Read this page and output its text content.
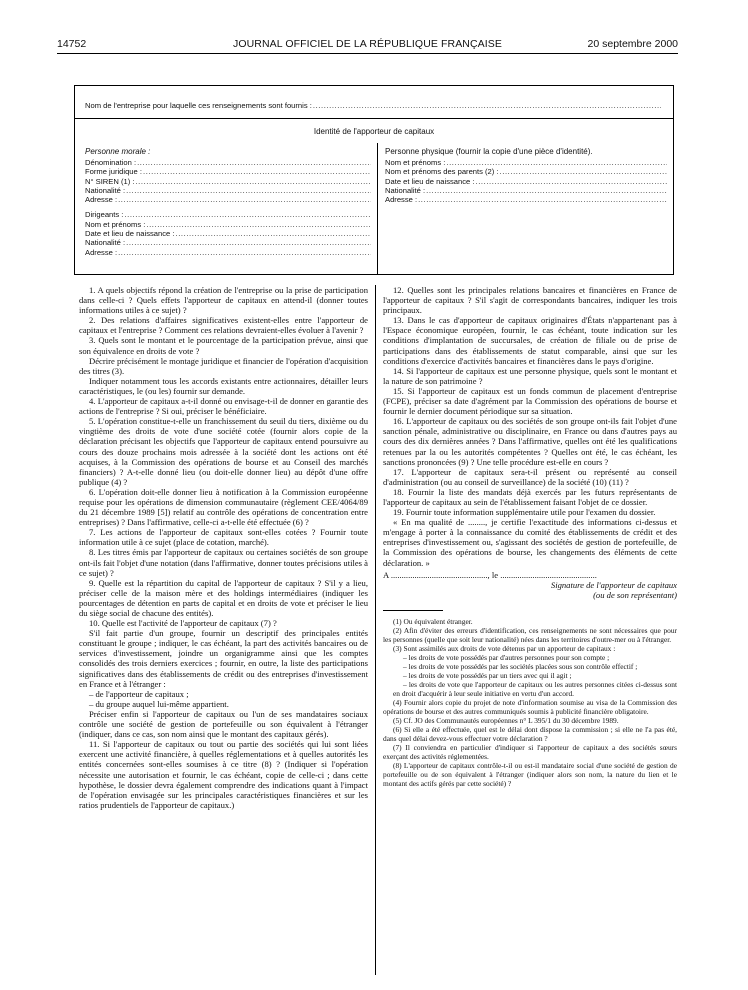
14752	JOURNAL OFFICIEL DE LA RÉPUBLIQUE FRANÇAISE	20 septembre 2000
Nom de l'entreprise pour laquelle ces renseignements sont fournis :
.....
Identité de l'apporteur de capitaux
Personne morale :
Dénomination :
.....
Forme juridique :
.....
N° SIREN (1) :
.....
Nationalité :
.....
Adresse :
.....
Dirigeants :
.....
Nom et prénoms :
.....
Date et lieu de naissance :
.....
Nationalité :
.....
Adresse :
.....
Personne physique (fournir la copie d'une pièce d'identité).
Nom et prénoms :
.....
Nom et prénoms des parents (2) :
.....
Date et lieu de naissance :
.....
Nationalité :
.....
Adresse :
.....

1. A quels objectifs répond la création de l'entreprise ou la prise de participation dans celle-ci ? Quels effets l'apporteur de capitaux en attend-il (donner toutes informations utiles à ce sujet) ?

2. Des relations d'affaires significatives existent-elles entre l'apporteur de capitaux et l'entreprise ? Comment ces relations devraient-elles évoluer à l'avenir ?

3. Quels sont le montant et le pourcentage de la participation prévue, ainsi que son équivalence en droits de vote ?

Décrire précisément le montage juridique et financier de l'opération d'acquisition des titres (3).

Indiquer notamment tous les accords existants entre actionnaires, détailler leurs caractéristiques, le (ou les) fournir sur demande.

4. L'apporteur de capitaux a-t-il donné ou envisage-t-il de donner en garantie des actions de l'entreprise ? Si oui, préciser le bénéficiaire.

5. L'opération constitue-t-elle un franchissement du seuil du tiers, dixième ou du vingtième des droits de vote d'une société cotée (fournir alors copie de la déclaration précisant les objectifs que l'apporteur de capitaux entend poursuivre au cours des douze prochains mois adressée à la société dont les actions ont été acquises, à la Commission des opérations de bourse et au Conseil des marchés financiers) ? A-t-elle donné lieu (ou doit-elle donner lieu) au dépôt d'une offre publique (4) ?

6. L'opération doit-elle donner lieu à notification à la Commission européenne requise pour les opérations de dimension communautaire (règlement CEE/4064/89 du 21 décembre 1989 [5]) relatif au contrôle des opérations de concentration entre entreprises) ? Dans l'affirmative, celle-ci a-t-elle été effectuée (6) ?

7. Les actions de l'apporteur de capitaux sont-elles cotées ? Fournir toute information utile à ce sujet (place de cotation, marché).

8. Les titres émis par l'apporteur de capitaux ou certaines sociétés de son groupe ont-ils fait l'objet d'une notation (dans l'affirmative, donner toutes précisions utiles à ce sujet) ?

9. Quelle est la répartition du capital de l'apporteur de capitaux ? S'il y a lieu, préciser celle de la maison mère et des holdings intermédiaires (indiquer les pourcentages de détention en parts de capital et en droits de vote et préciser le lieu du siège social de chacune des entités).

10. Quelle est l'activité de l'apporteur de capitaux (7) ?

S'il fait partie d'un groupe, fournir un descriptif des principales entités constituant le groupe ; indiquer, le cas échéant, la part des activités bancaires ou de services d'investissement, joindre un organigramme ainsi que les comptes consolidés des trois derniers exercices ; fournir, en outre, la liste des participations significatives dans des établissements de crédit ou des entreprises d'investissement en France et à l'étranger :

– de l'apporteur de capitaux ;

– du groupe auquel lui-même appartient.

Préciser enfin si l'apporteur de capitaux ou l'un de ses mandataires sociaux contrôle une société de gestion de portefeuille ou son équivalent à l'étranger (indiquer, dans ce cas, son nom ainsi que le montant des capitaux gérés).

11. Si l'apporteur de capitaux ou tout ou partie des sociétés qui lui sont liées exercent une activité financière, à quelles réglementations et à quelles autorités les entités concernées sont-elles soumises à ce titre (8) ? (Indiquer si l'opération nécessite une autorisation et fournir, le cas échéant, copie de celle-ci ; dans cette hypothèse, le dossier devra également comprendre des indications quant à l'impact de l'opération envisagée sur les principales caractéristiques financières et sur les ratios prudentiels de l'apporteur de capitaux.)

12. Quelles sont les principales relations bancaires et financières en France de l'apporteur de capitaux ? S'il s'agit de correspondants bancaires, indiquer les trois principaux.

13. Dans le cas d'apporteur de capitaux originaires d'États n'appartenant pas à l'Espace économique européen, fournir, le cas échéant, toute indication sur les conditions d'implantation de succursales, de création de filiale ou de prise de participations dans des établissements de statut comparable, ainsi que sur les conditions d'exercice d'activités bancaires et financières dans le pays d'origine.

14. Si l'apporteur de capitaux est une personne physique, quels sont le montant et la nature de son patrimoine ?

15. Si l'apporteur de capitaux est un fonds commun de placement d'entreprise (FCPE), préciser sa date d'agrément par la Commission des opérations de bourse et fournir le dernier document périodique sur sa situation.

16. L'apporteur de capitaux ou des sociétés de son groupe ont-ils fait l'objet d'une sanction pénale, administrative ou disciplinaire, en France ou dans d'autres pays au cours des dix dernières années ? Dans l'affirmative, quelles ont été les qualifications retenues par la ou les autorités compétentes ? Quelles ont été, le cas échéant, les sanctions prononcées (9) ? Une telle procédure est-elle en cours ?

17. L'apporteur de capitaux sera-t-il présent ou représenté au conseil d'administration (ou au conseil de surveillance) de la société (10) (11) ?

18. Fournir la liste des mandats déjà exercés par les futurs représentants de l'apporteur de capitaux au sein de l'établissement faisant l'objet de ce dossier.

19. Fournir toute information supplémentaire utile pour l'examen du dossier.

« En ma qualité de ........, je certifie l'exactitude des informations ci-dessus et m'engage à porter à la connaissance du comité des établissements de crédit et des entreprises d'investissement ou, s'agissant des sociétés de gestion de portefeuille, de la Commission des opérations de bourse, les changements des éléments de cette déclaration. »

A ............................................., le .............................................

Signature de l'apporteur de capitaux
(ou de son représentant)

(1) Ou équivalent étranger.

(2) Afin d'éviter des erreurs d'identification, ces renseignements ne sont nécessaires que pour les personnes (quelle que soit leur nationalité) nées dans les territoires d'outre-mer ou à l'étranger.

(3) Sont assimilés aux droits de vote détenus par un apporteur de capitaux :

– les droits de vote possédés par d'autres personnes pour son compte ;

– les droits de vote possédés par les sociétés placées sous son contrôle effectif ;

– les droits de vote possédés par un tiers avec qui il agit ;

– les droits de vote que l'apporteur de capitaux ou les autres personnes citées ci-dessus sont en droit d'acquérir à leur seule initiative en vertu d'un accord.

(4) Fournir alors copie du projet de note d'information soumise au visa de la Commission des opérations de bourse et des autres communiqués soumis à publicité financière obligatoire.

(5) Cf. JO des Communautés européennes n° L 395/1 du 30 décembre 1989.

(6) Si elle a été effectuée, quel est le délai dont dispose la commission ; si elle ne l'a pas été, dans quel délai devez-vous effectuer votre déclaration ?

(7) Il conviendra en particulier d'indiquer si l'apporteur de capitaux a des sociétés sœurs exerçant des activités réglementées.

(8) L'apporteur de capitaux contrôle-t-il ou est-il mandataire social d'une société de gestion de portefeuille ou de son équivalent à l'étranger (indiquer alors son nom, la nature du lien et le montant des actifs gérés par cette société) ?
